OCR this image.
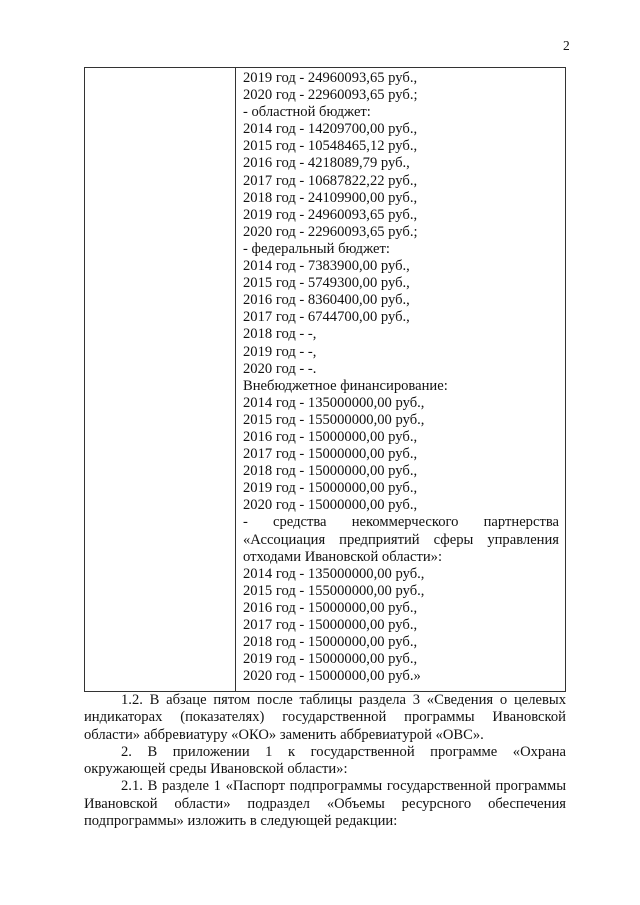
2
2019 год - 24960093,65 руб.,
2020 год - 22960093,65 руб.;
- областной бюджет:
2014 год - 14209700,00 руб.,
2015 год - 10548465,12 руб.,
2016 год - 4218089,79 руб.,
2017 год - 10687822,22 руб.,
2018 год - 24109900,00 руб.,
2019 год - 24960093,65 руб.,
2020 год - 22960093,65 руб.;
- федеральный бюджет:
2014 год - 7383900,00 руб.,
2015 год - 5749300,00 руб.,
2016 год - 8360400,00 руб.,
2017 год - 6744700,00 руб.,
2018 год - -,
2019 год - -,
2020 год - -.
Внебюджетное финансирование:
2014 год - 135000000,00 руб.,
2015 год - 155000000,00 руб.,
2016 год - 15000000,00 руб.,
2017 год - 15000000,00 руб.,
2018 год - 15000000,00 руб.,
2019 год - 15000000,00 руб.,
2020 год - 15000000,00 руб.,
- средства некоммерческого партнерства
«Ассоциация предприятий сферы управления
отходами Ивановской области»:
2014 год - 135000000,00 руб.,
2015 год - 155000000,00 руб.,
2016 год - 15000000,00 руб.,
2017 год - 15000000,00 руб.,
2018 год - 15000000,00 руб.,
2019 год - 15000000,00 руб.,
2020 год - 15000000,00 руб.»

1.2. В абзаце пятом после таблицы раздела 3 «Сведения о целевых индикаторах (показателях) государственной программы Ивановской области» аббревиатуру «ОКО» заменить аббревиатурой «ОВС».

2. В приложении 1 к государственной программе «Охрана окружающей среды Ивановской области»:

2.1. В разделе 1 «Паспорт подпрограммы государственной программы Ивановской области» подраздел «Объемы ресурсного обеспечения подпрограммы» изложить в следующей редакции:
